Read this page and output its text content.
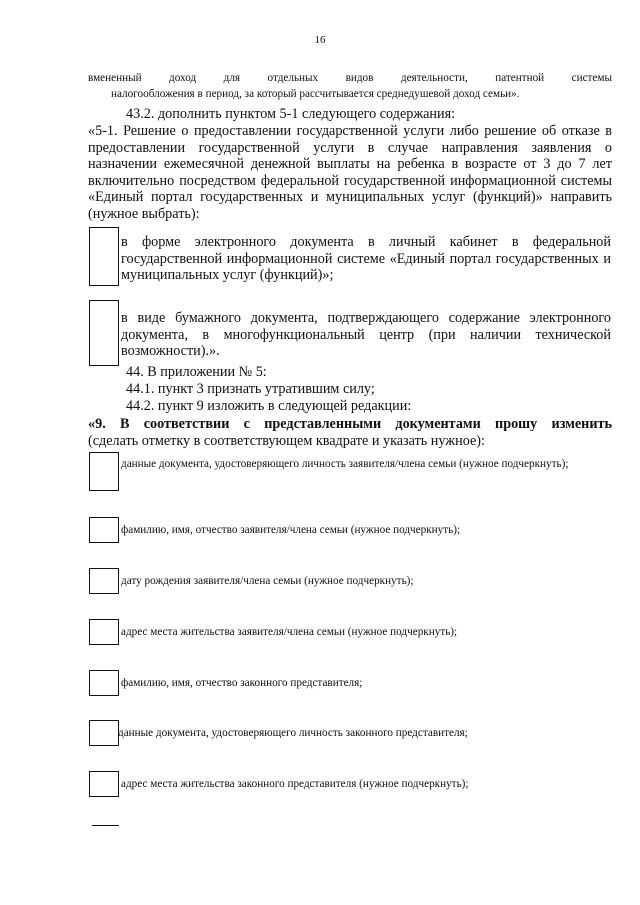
16
вмененный доход для отдельных видов деятельности, патентной системы
налогообложения в период, за который рассчитывается среднедушевой доход семьи».
43.2. дополнить пунктом 5-1 следующего содержания:
«5-1. Решение о предоставлении государственной услуги либо решение об отказе в предоставлении государственной услуги в случае направления заявления о назначении ежемесячной денежной выплаты на ребенка в возрасте от 3 до 7 лет включительно посредством федеральной государственной информационной системы «Единый портал государственных и муниципальных услуг (функций)» направить (нужное выбрать):
в форме электронного документа в личный кабинет в федеральной государственной информационной системе «Единый портал государственных и муниципальных услуг (функций)»;
в виде бумажного документа, подтверждающего содержание электронного документа, в многофункциональный центр (при наличии технической возможности).».
44. В приложении № 5:
44.1. пункт 3 признать утратившим силу;
44.2. пункт 9 изложить в следующей редакции:
«9. В соответствии с представленными документами прошу изменить
(сделать отметку в соответствующем квадрате и указать нужное):
данные документа, удостоверяющего личность заявителя/члена семьи (нужное подчеркнуть);
фамилию, имя, отчество заявителя/члена семьи (нужное подчеркнуть);
дату рождения заявителя/члена семьи (нужное подчеркнуть);
адрес места жительства заявителя/члена семьи (нужное подчеркнуть);
фамилию, имя, отчество законного представителя;
данные документа, удостоверяющего личность законного представителя;
адрес места жительства законного представителя (нужное подчеркнуть);
